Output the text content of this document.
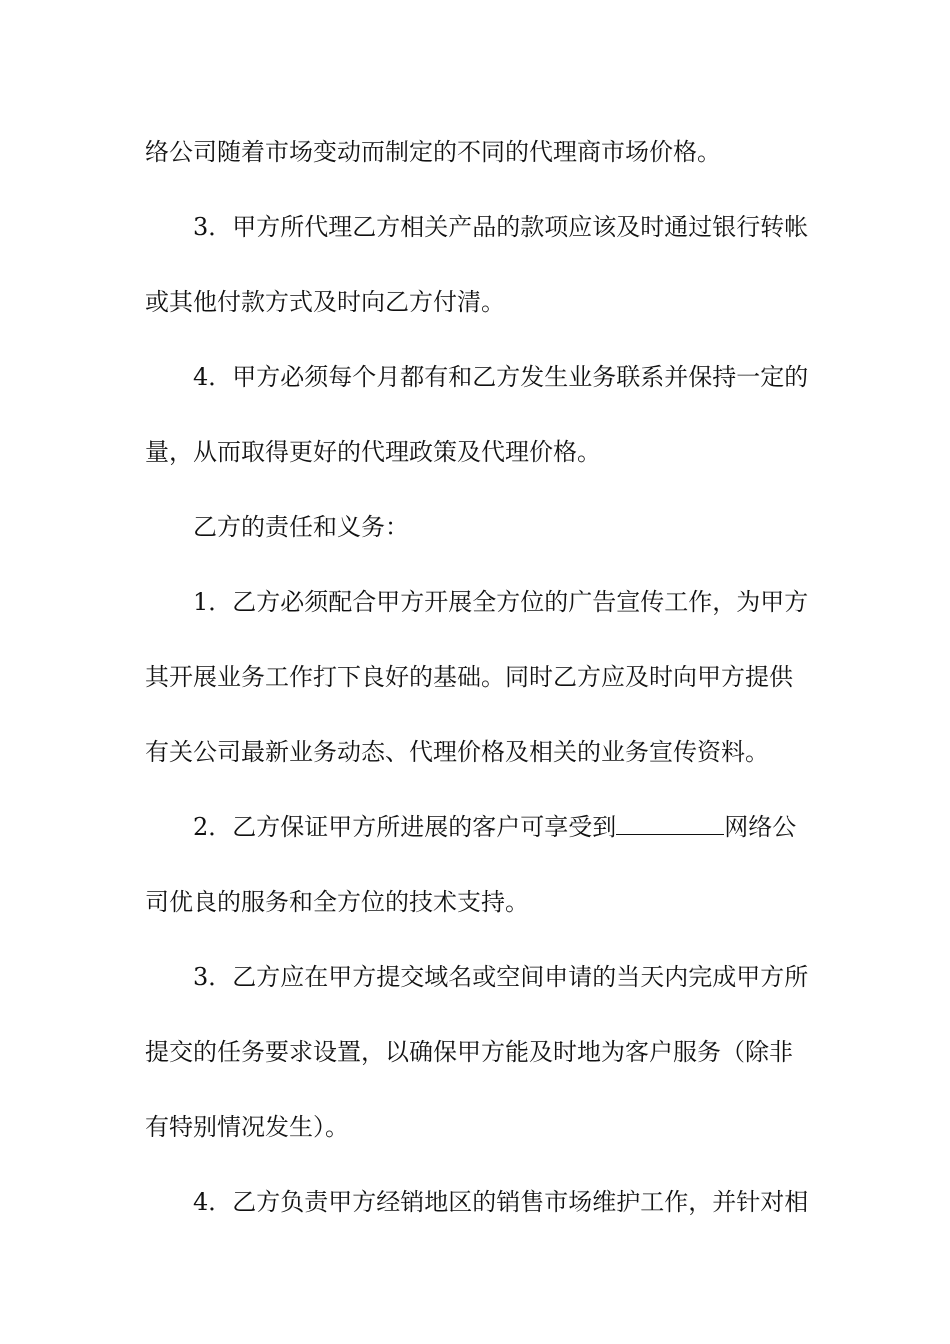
络公司随着市场变动而制定的不同的代理商市场价格。
3．甲方所代理乙方相关产品的款项应该及时通过银行转帐
或其他付款方式及时向乙方付清。
4．甲方必须每个月都有和乙方发生业务联系并保持一定的
量，从而取得更好的代理政策及代理价格。
乙方的责任和义务：
1．乙方必须配合甲方开展全方位的广告宣传工作，为甲方
其开展业务工作打下良好的基础。同时乙方应及时向甲方提供
有关公司最新业务动态、代理价格及相关的业务宣传资料。
2．乙方保证甲方所进展的客户可享受到	网络公
司优良的服务和全方位的技术支持。
3．乙方应在甲方提交域名或空间申请的当天内完成甲方所
提交的任务要求设置，以确保甲方能及时地为客户服务（除非
有特别情况发生）。
4．乙方负责甲方经销地区的销售市场维护工作，并针对相
